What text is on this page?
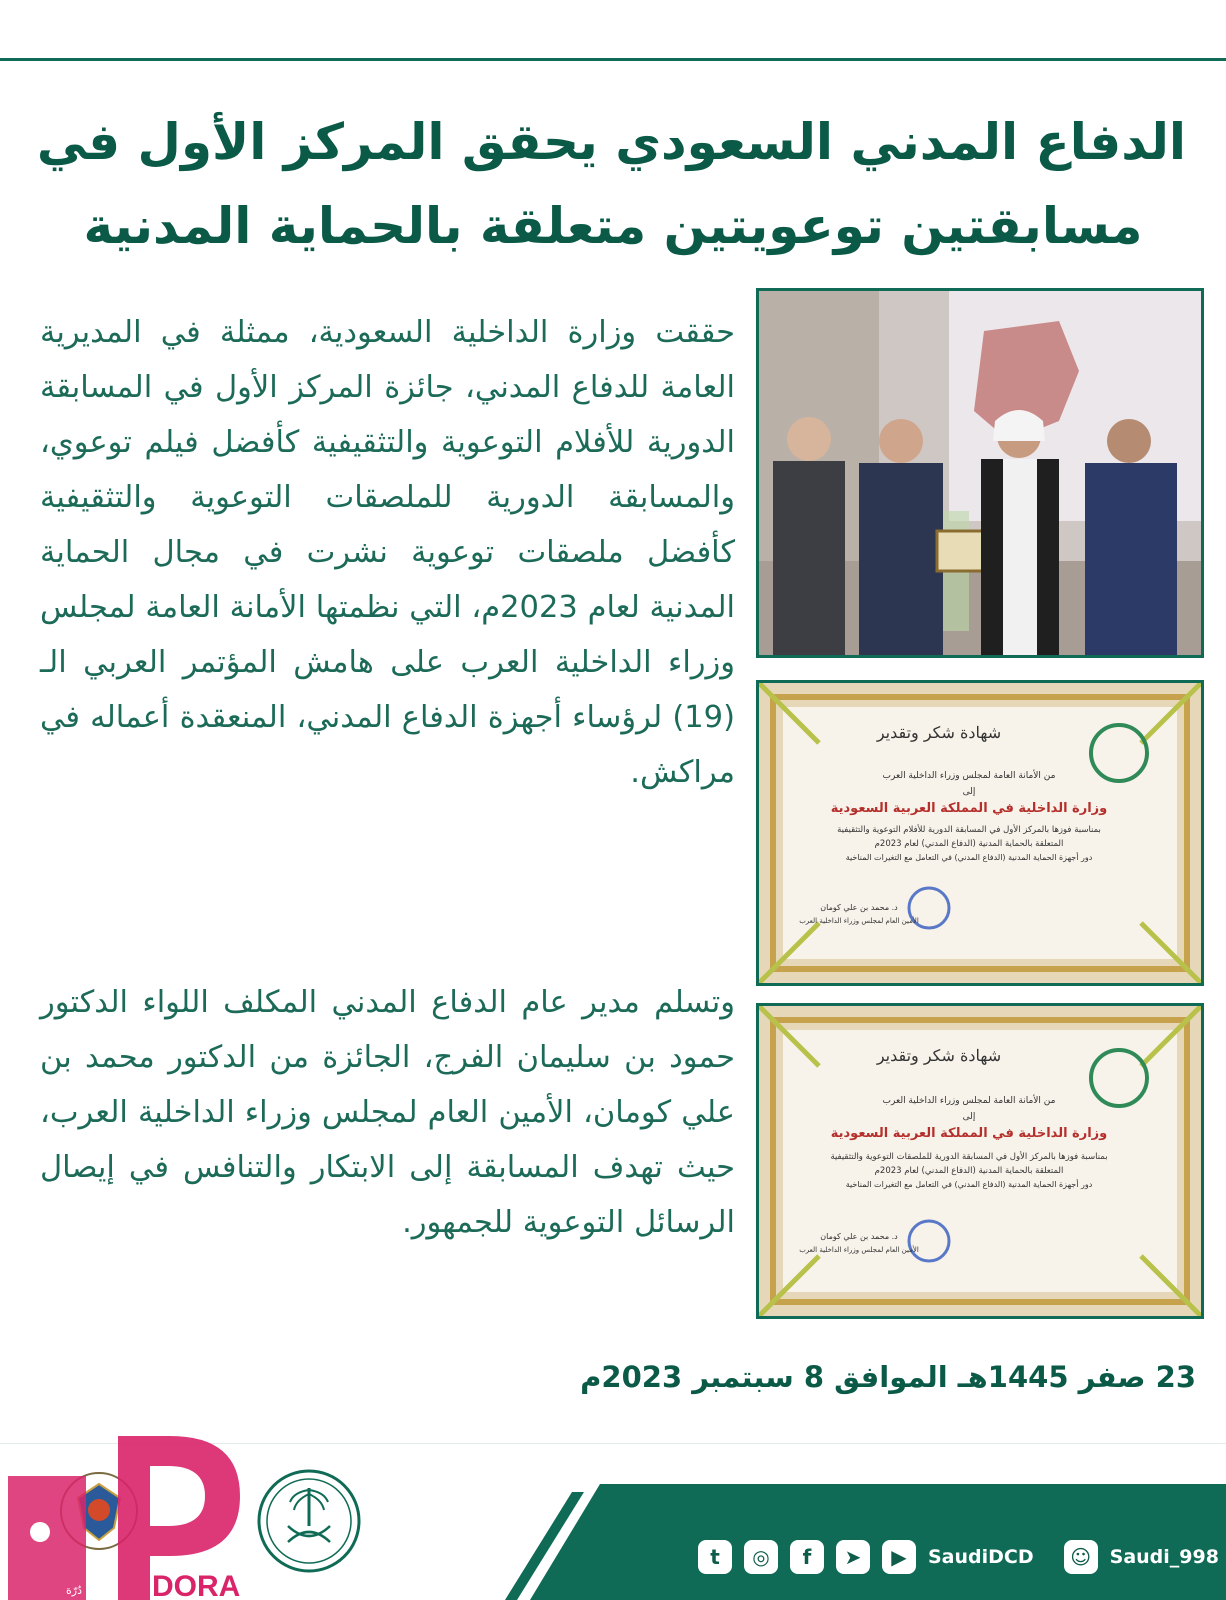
الدفاع المدني السعودي يحقق المركز الأول في
مسابقتين توعويتين متعلقة بالحماية المدنية
حققت وزارة الداخلية السعودية، ممثلة في المديرية العامة للدفاع المدني، جائزة المركز الأول في المسابقة الدورية للأفلام التوعوية والتثقيفية كأفضل فيلم توعوي، والمسابقة الدورية للملصقات التوعوية والتثقيفية كأفضل ملصقات توعوية نشرت في مجال الحماية المدنية لعام 2023م، التي نظمتها الأمانة العامة لمجلس وزراء الداخلية العرب على هامش المؤتمر العربي الـ (19) لرؤساء أجهزة الدفاع المدني، المنعقدة أعماله في مراكش.
وتسلم مدير عام الدفاع المدني المكلف اللواء الدكتور حمود بن سليمان الفرج، الجائزة من الدكتور محمد بن علي كومان، الأمين العام لمجلس وزراء الداخلية العرب، حيث تهدف المسابقة إلى الابتكار والتنافس في إيصال الرسائل التوعوية للجمهور.
شهادة شكر وتقدير
من الأمانة العامة لمجلس وزراء الداخلية العرب
إلى
وزارة الداخلية في المملكة العربية السعودية
بمناسبة فوزها بالمركز الأول في المسابقة الدورية للأفلام التوعوية والتثقيفية
المتعلقة بالحماية المدنية (الدفاع المدني) لعام 2023م
دور أجهزة الحماية المدنية (الدفاع المدني) في التعامل مع التغيرات المناخية
د. محمد بن علي كومان
الأمين العام لمجلس وزراء الداخلية العرب
شهادة شكر وتقدير
من الأمانة العامة لمجلس وزراء الداخلية العرب
إلى
وزارة الداخلية في المملكة العربية السعودية
بمناسبة فوزها بالمركز الأول في المسابقة الدورية للملصقات التوعوية والتثقيفية
المتعلقة بالحماية المدنية (الدفاع المدني) لعام 2023م
دور أجهزة الحماية المدنية (الدفاع المدني) في التعامل مع التغيرات المناخية
د. محمد بن علي كومان
الأمين العام لمجلس وزراء الداخلية العرب
23 صفر 1445هـ الموافق 8 سبتمبر 2023م
DORA
دُرّة
t	◎	f	➤	▶	SaudiDCD	☺ Saudi_998
